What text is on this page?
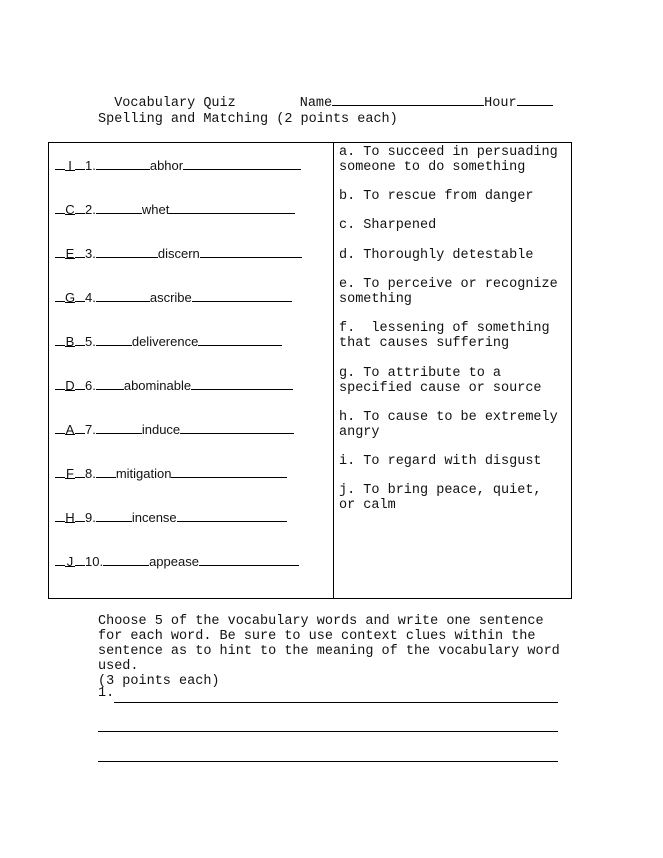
Vocabulary Quiz	Name	Hour

Spelling and Matching (2 points each)
I 1.	abhor
C 2.	whet
E 3.	discern
G 4.	ascribe
B 5.	deliverence
D 6. abominable
A 7.	induce
F 8. mitigation
H 9.	incense
J 10.	appease
a. To succeed in persuading someone to do something
b. To rescue from danger
c. Sharpened
d. Thoroughly detestable
e. To perceive or recognize something
f.  lessening of something that causes suffering
g. To attribute to a specified cause or source
h. To cause to be extremely angry
i. To regard with disgust
j. To bring peace, quiet, or calm
Choose 5 of the vocabulary words and write one sentence for each word. Be sure to use context clues within the sentence as to hint to the meaning of the vocabulary word used.
(3 points each)
1.
